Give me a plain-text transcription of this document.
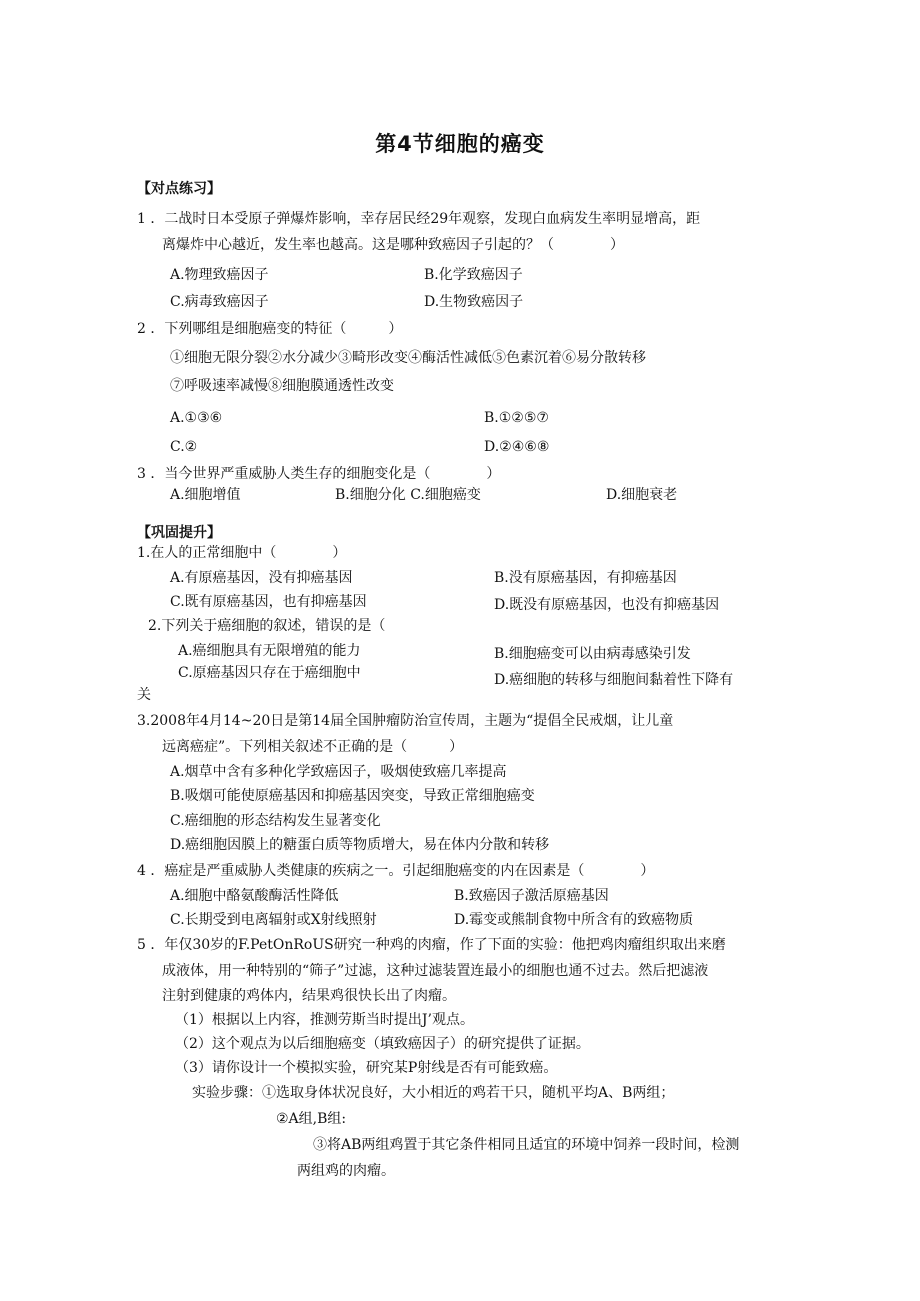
第4节细胞的癌变
【对点练习】
1 ．二战时日本受原子弹爆炸影响，幸存居民经29年观察，发现白血病发生率明显增高，距
离爆炸中心越近，发生率也越高。这是哪种致癌因子引起的？（　　　　）
A.物理致癌因子	B.化学致癌因子
C.病毒致癌因子	D.生物致癌因子
2 ．下列哪组是细胞癌变的特征（　　　）
①细胞无限分裂②水分减少③畸形改变④酶活性减低⑤色素沉着⑥易分散转移
⑦呼吸速率减慢⑧细胞膜通透性改变
A.①③⑥	B.①②⑤⑦
C.②	D.②④⑥⑧
3 ．当今世界严重威胁人类生存的细胞变化是（　　　　）
A.细胞增值	B.细胞分化 C.细胞癌变	D.细胞衰老
【巩固提升】
1.在人的正常细胞中（　　　　）
A.有原癌基因，没有抑癌基因	B.没有原癌基因，有抑癌基因
C.既有原癌基因，也有抑癌基因	D.既没有原癌基因，也没有抑癌基因
2.下列关于癌细胞的叙述，错误的是（
A.癌细胞具有无限增殖的能力	B.细胞癌变可以由病毒感染引发
C.原癌基因只存在于癌细胞中	D.癌细胞的转移与细胞间黏着性下降有
关
3.2008年4月14~20日是第14届全国肿瘤防治宣传周，主题为“提倡全民戒烟，让儿童
远离癌症”。下列相关叙述不正确的是（　　　）
A.烟草中含有多种化学致癌因子，吸烟使致癌几率提高
B.吸烟可能使原癌基因和抑癌基因突变，导致正常细胞癌变
C.癌细胞的形态结构发生显著变化
D.癌细胞因膜上的糖蛋白质等物质增大，易在体内分散和转移
4 ．癌症是严重威胁人类健康的疾病之一。引起细胞癌变的内在因素是（　　　　）
A.细胞中酪氨酸酶活性降低	B.致癌因子激活原癌基因
C.长期受到电离辐射或X射线照射	D.霉变或熊制食物中所含有的致癌物质
5 ．年仅30岁的F.PetOnRoUS研究一种鸡的肉瘤，作了下面的实验：他把鸡肉瘤组织取出来磨
成液体，用一种特别的“筛子”过滤，这种过滤装置连最小的细胞也通不过去。然后把滤液
注射到健康的鸡体内，结果鸡很快长出了肉瘤。
（1）根据以上内容，推测劳斯当时提出J’观点。
（2）这个观点为以后细胞癌变（填致癌因子）的研究提供了证据。
（3）请你设计一个模拟实验，研究某P射线是否有可能致癌。
实验步骤：①选取身体状况良好，大小相近的鸡若干只，随机平均A、B两组；
②A组,B组:
③将AB两组鸡置于其它条件相同且适宜的环境中饲养一段时间，检测
两组鸡的肉瘤。
